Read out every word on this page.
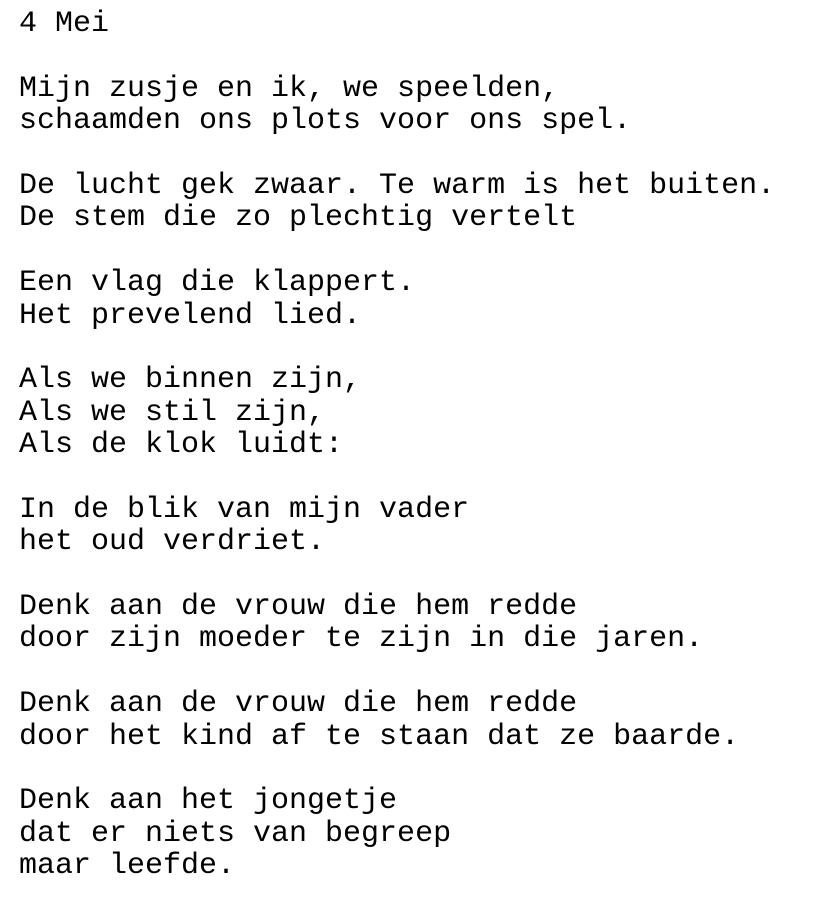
4 Mei
Mijn zusje en ik, we speelden,
schaamden ons plots voor ons spel.
De lucht gek zwaar. Te warm is het buiten.
De stem die zo plechtig vertelt
Een vlag die klappert.
Het prevelend lied.
Als we binnen zijn,
Als we stil zijn,
Als de klok luidt:
In de blik van mijn vader
het oud verdriet.
Denk aan de vrouw die hem redde
door zijn moeder te zijn in die jaren.
Denk aan de vrouw die hem redde
door het kind af te staan dat ze baarde.
Denk aan het jongetje
dat er niets van begreep
maar leefde.
